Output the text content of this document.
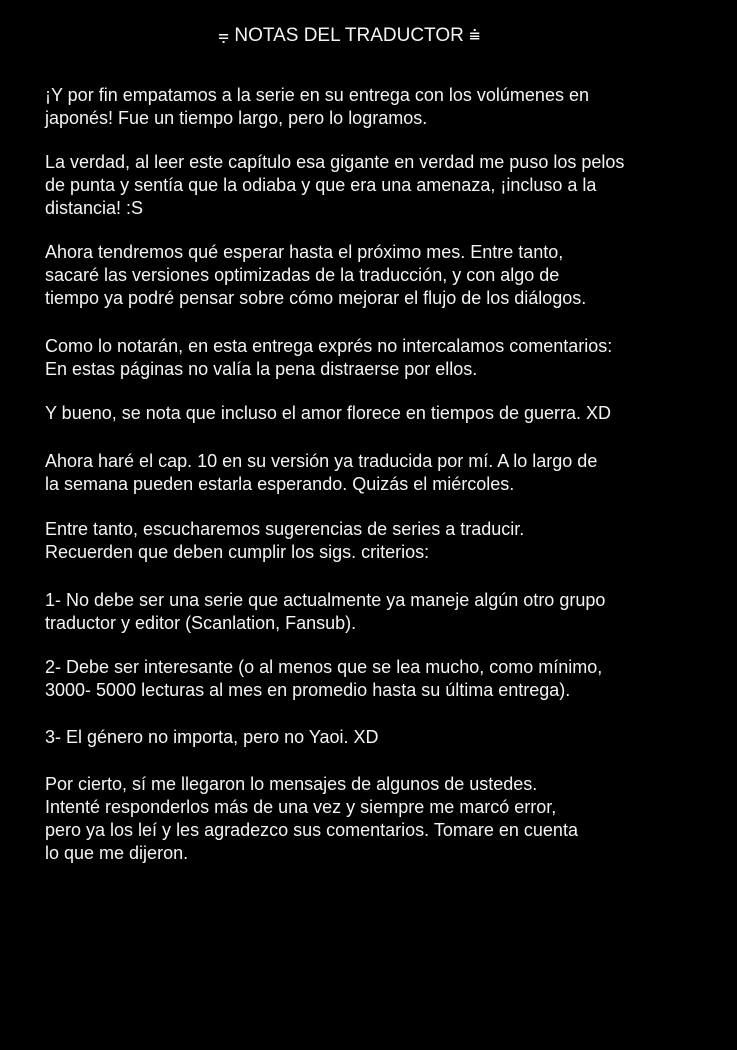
⩦ NOTAS DEL TRADUCTOR ⩧
¡Y por fin empatamos a la serie en su entrega con los volúmenes en
japonés! Fue un tiempo largo, pero lo logramos.
La verdad, al leer este capítulo esa gigante en verdad me puso los pelos
de punta y sentía que la odiaba y que era una amenaza, ¡incluso a la
distancia! :S
Ahora tendremos qué esperar hasta el próximo mes. Entre tanto,
sacaré las versiones optimizadas de la traducción, y con algo de
tiempo ya podré pensar sobre cómo mejorar el flujo de los diálogos.
Como lo notarán, en esta entrega exprés no intercalamos comentarios:
En estas páginas no valía la pena distraerse por ellos.
Y bueno, se nota que incluso el amor florece en tiempos de guerra. XD
Ahora haré el cap. 10 en su versión ya traducida por mí. A lo largo de
la semana pueden estarla esperando. Quizás el miércoles.
Entre tanto, escucharemos sugerencias de series a traducir.
Recuerden que deben cumplir los sigs. criterios:
1- No debe ser una serie que actualmente ya maneje algún otro grupo
traductor y editor (Scanlation, Fansub).
2- Debe ser interesante (o al menos que se lea mucho, como mínimo,
3000- 5000 lecturas al mes en promedio hasta su última entrega).
3- El género no importa, pero no Yaoi. XD
Por cierto, sí me llegaron lo mensajes de algunos de ustedes.
Intenté responderlos más de una vez y siempre me marcó error,
pero ya los leí y les agradezco sus comentarios. Tomare en cuenta
lo que me dijeron.
